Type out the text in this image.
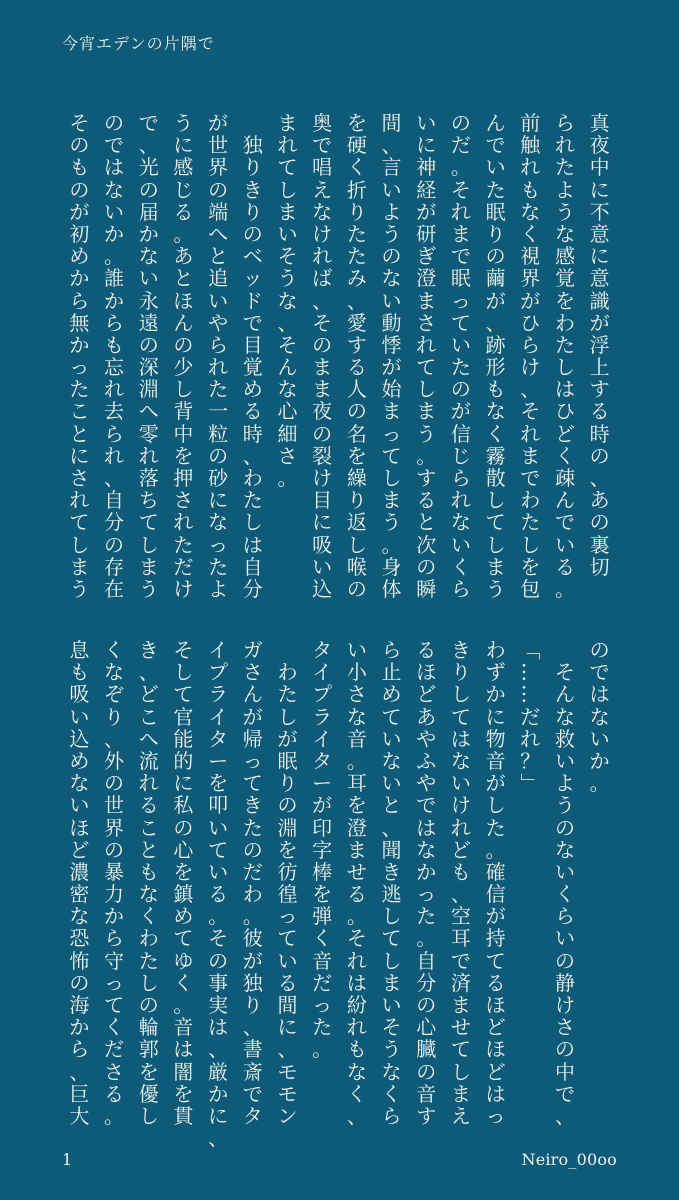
今宵エデンの片隅で
真
夜
中
に
不
意
に
意
識
が
浮
上
す
る
時
の
、
あ
の
裏
切
ら
れ
た
よ
う
な
感
覚
を
わ
た
し
は
ひ
ど
く
疎
ん
で
い
る
。
前
触
れ
も
な
く
視
界
が
ひ
ら
け
、
そ
れ
ま
で
わ
た
し
を
包
ん
で
い
た
眠
り
の
繭
が
、
跡
形
も
な
く
霧
散
し
て
し
ま
う
の
だ
。
そ
れ
ま
で
眠
っ
て
い
た
の
が
信
じ
ら
れ
な
い
く
ら
い
に
神
経
が
研
ぎ
澄
ま
さ
れ
て
し
ま
う
。
す
る
と
次
の
瞬
間
、
言
い
よ
う
の
な
い
動
悸
が
始
ま
っ
て
し
ま
う
。
身
体
を
硬
く
折
り
た
た
み
、
愛
す
る
人
の
名
を
繰
り
返
し
喉
の
奥
で
唱
え
な
け
れ
ば
、
そ
の
ま
ま
夜
の
裂
け
目
に
吸
い
込
ま
れ
て
し
ま
い
そ
う
な
、
そ
ん
な
心
細
さ
。

独
り
き
り
の
ベ
ッ
ド
で
目
覚
め
る
時
、
わ
た
し
は
自
分
が
世
界
の
端
へ
と
追
い
や
ら
れ
た
一
粒
の
砂
に
な
っ
た
よ
う
に
感
じ
る
。
あ
と
ほ
ん
の
少
し
背
中
を
押
さ
れ
た
だ
け
で
、
光
の
届
か
な
い
永
遠
の
深
淵
へ
零
れ
落
ち
て
し
ま
う
の
で
は
な
い
か
。
誰
か
ら
も
忘
れ
去
ら
れ
、
自
分
の
存
在
そ
の
も
の
が
初
め
か
ら
無
か
っ
た
こ
と
に
さ
れ
て
し
ま
う
の
で
は
な
い
か
。

そ
ん
な
救
い
よ
う
の
な
い
く
ら
い
の
静
け
さ
の
中
で
、
「
…
…
だ
れ
？
」
わ
ず
か
に
物
音
が
し
た
。
確
信
が
持
て
る
ほ
ど
ほ
ど
は
っ
き
り
し
て
は
な
い
け
れ
ど
も
、
空
耳
で
済
ま
せ
て
し
ま
え
る
ほ
ど
あ
や
ふ
や
で
は
な
か
っ
た
。
自
分
の
心
臓
の
音
す
ら
止
め
て
い
な
い
と
、
聞
き
逃
し
て
し
ま
い
そ
う
な
く
ら
い
小
さ
な
音
。
耳
を
澄
ま
せ
る
。
そ
れ
は
紛
れ
も
な
く
、
タ
イ
プ
ラ
イ
タ
ー
が
印
字
棒
を
弾
く
音
だ
っ
た
。

わ
た
し
が
眠
り
の
淵
を
彷
徨
っ
て
い
る
間
に
、
モ
モ
ン
ガ
さ
ん
が
帰
っ
て
き
た
の
だ
わ
。
彼
が
独
り
、
書
斎
で
タ
イ
プ
ラ
イ
タ
ー
を
叩
い
て
い
る
。
そ
の
事
実
は
、
厳
か
に
、
そ
し
て
官
能
的
に
私
の
心
を
鎮
め
て
ゆ
く
。
音
は
闇
を
貫
き
、
ど
こ
へ
流
れ
る
こ
と
も
な
く
わ
た
し
の
輪
郭
を
優
し
く
な
ぞ
り
、
外
の
世
界
の
暴
力
か
ら
守
っ
て
く
だ
さ
る
。
息
も
吸
い
込
め
な
い
ほ
ど
濃
密
な
恐
怖
の
海
か
ら
、
巨
大
1	Neiro_00oo
